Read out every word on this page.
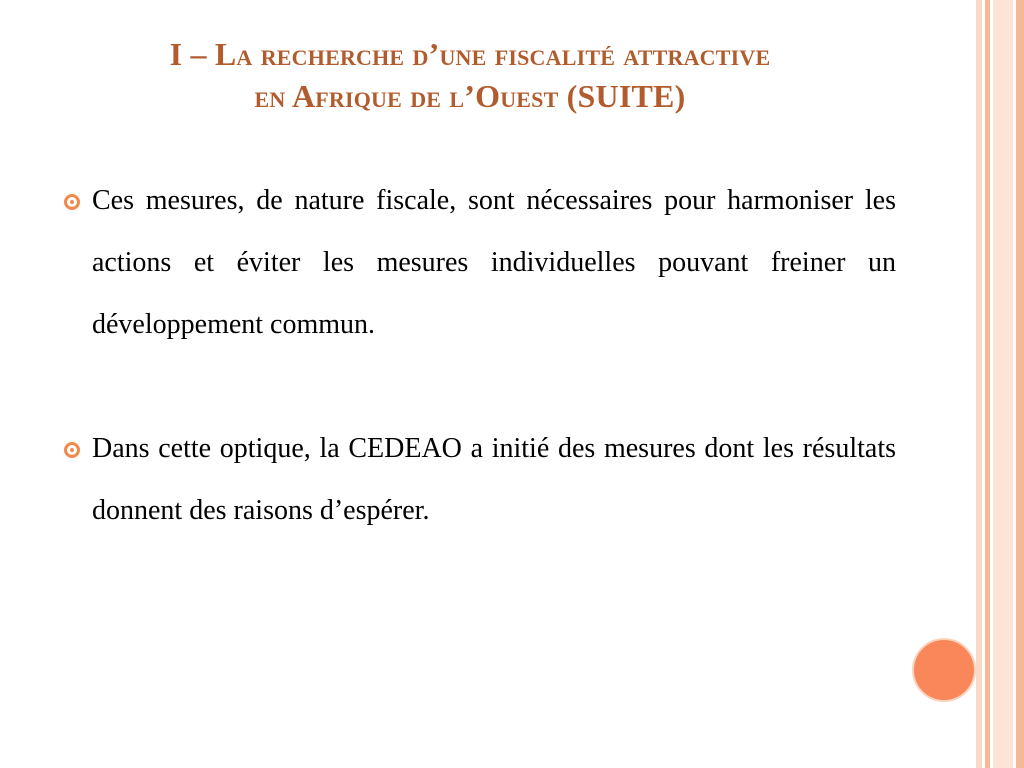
I – La recherche d’une fiscalité attractive
en Afrique de l’Ouest (SUITE)
Ces mesures, de nature fiscale, sont nécessaires pour harmoniser les actions et éviter les mesures individuelles pouvant freiner un développement commun.
Dans cette optique, la CEDEAO a initié des mesures dont les résultats donnent des raisons d’espérer.
